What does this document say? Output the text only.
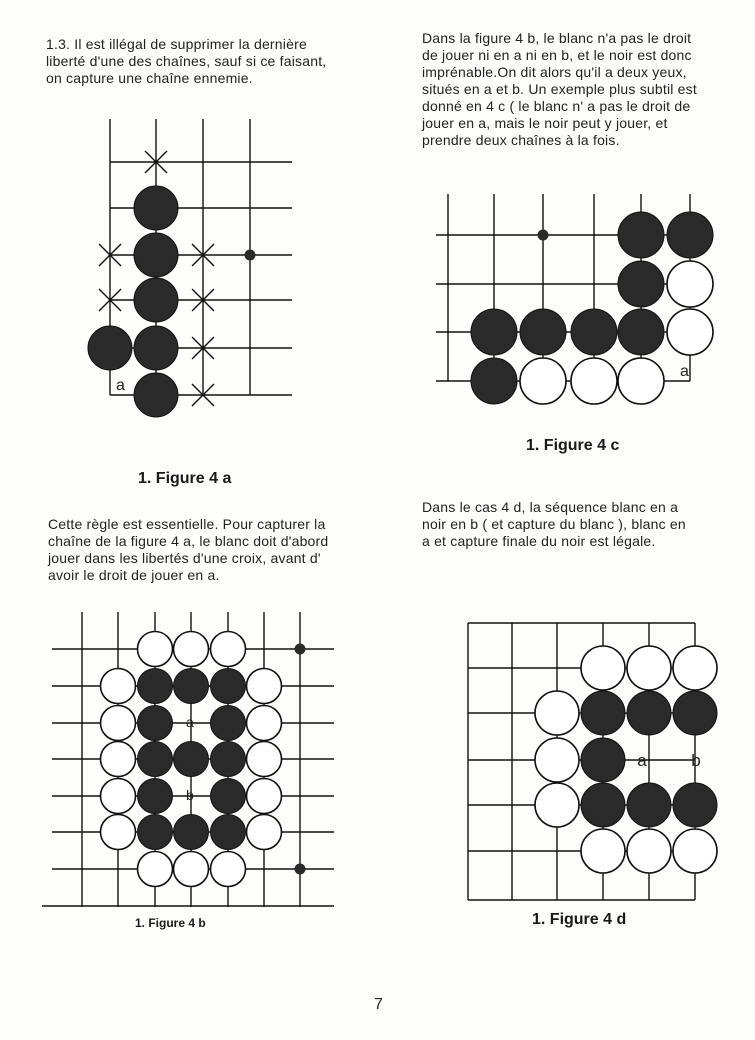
1.3. Il est illégal de supprimer la dernière
liberté d'une des chaînes, sauf si ce faisant,
on capture une chaîne ennemie.

Dans la figure 4 b, le blanc n'a pas le droit
de jouer ni en a ni en b, et le noir est donc
imprénable.On dit alors qu'il a deux yeux,
situés en a et b. Un exemple plus subtil est
donné en 4 c ( le blanc n' a pas le droit de
jouer en a, mais le noir peut y jouer, et
prendre deux chaînes à la fois.

Cette règle est essentielle. Pour capturer la
chaîne de la figure 4 a, le blanc doit d'abord
jouer dans les libertés d'une croix, avant d'
avoir le droit de jouer en a.

Dans le cas 4 d, la séquence blanc en a
noir en b ( et capture du blanc ), blanc en
a et capture finale du noir est légale.

a

1. Figure 4 a

a

1. Figure 4 c

a
b

1. Figure 4 b

a	b

1. Figure 4 d

7
